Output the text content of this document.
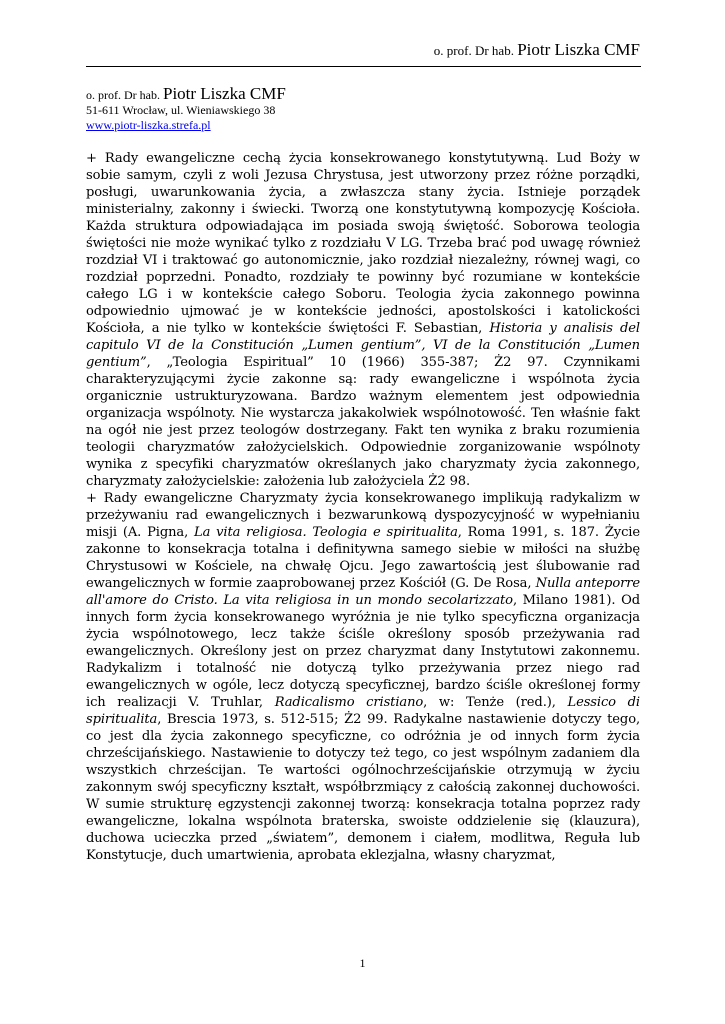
o. prof. Dr hab. Piotr Liszka CMF
o. prof. Dr hab. Piotr Liszka CMF
51-611 Wrocław, ul. Wieniawskiego 38
www.piotr-liszka.strefa.pl

+ Rady ewangeliczne cechą życia konsekrowanego konstytutywną. Lud Boży w sobie samym, czyli z woli Jezusa Chrystusa, jest utworzony przez różne porządki, posługi, uwarunkowania życia, a zwłaszcza stany życia. Istnieje porządek ministerialny, zakonny i świecki. Tworzą one konstytutywną kompozycję Kościoła. Każda struktura odpowiadająca im posiada swoją świętość. Soborowa teologia świętości nie może wynikać tylko z rozdziału V LG. Trzeba brać pod uwagę również rozdział VI i traktować go autonomicznie, jako rozdział niezależny, równej wagi, co rozdział poprzedni. Ponadto, rozdziały te powinny być rozumiane w kontekście całego LG i w kontekście całego Soboru. Teologia życia zakonnego powinna odpowiednio ujmować je w kontekście jedności, apostolskości i katolickości Kościoła, a nie tylko w kontekście świętości F. Sebastian, Historia y analisis del capitulo VI de la Constitución „Lumen gentium”, VI de la Constitución „Lumen gentium”, „Teologia Espiritual” 10 (1966) 355-387; Ż2 97. Czynnikami charakteryzującymi życie zakonne są: rady ewangeliczne i wspólnota życia organicznie ustrukturyzowana. Bardzo ważnym elementem jest odpowiednia organizacja wspólnoty. Nie wystarcza jakakolwiek wspólnotowość. Ten właśnie fakt na ogół nie jest przez teologów dostrzegany. Fakt ten wynika z braku rozumienia teologii charyzmatów założycielskich. Odpowiednie zorganizowanie wspólnoty wynika z specyfiki charyzmatów określanych jako charyzmaty życia zakonnego, charyzmaty założycielskie: założenia lub założyciela Ż2 98.

+ Rady ewangeliczne Charyzmaty życia konsekrowanego implikują radykalizm w przeżywaniu rad ewangelicznych i bezwarunkową dyspozycyjność w wypełnianiu misji (A. Pigna, La vita religiosa. Teologia e spiritualita, Roma 1991, s. 187. Życie zakonne to konsekracja totalna i definitywna samego siebie w miłości na służbę Chrystusowi w Kościele, na chwałę Ojcu. Jego zawartością jest ślubowanie rad ewangelicznych w formie zaaprobowanej przez Kościół (G. De Rosa, Nulla anteporre all'amore do Cristo. La vita religiosa in un mondo secolarizzato, Milano 1981). Od innych form życia konsekrowanego wyróżnia je nie tylko specyficzna organizacja życia wspólnotowego, lecz także ściśle określony sposób przeżywania rad ewangelicznych. Określony jest on przez charyzmat dany Instytutowi zakonnemu. Radykalizm i totalność nie dotyczą tylko przeżywania przez niego rad ewangelicznych w ogóle, lecz dotyczą specyficznej, bardzo ściśle określonej formy ich realizacji V. Truhlar, Radicalismo cristiano, w: Tenże (red.), Lessico di spiritualita, Brescia 1973, s. 512-515; Ż2 99. Radykalne nastawienie dotyczy tego, co jest dla życia zakonnego specyficzne, co odróżnia je od innych form życia chrześcijańskiego. Nastawienie to dotyczy też tego, co jest wspólnym zadaniem dla wszystkich chrześcijan. Te wartości ogólnochrześcijańskie otrzymują w życiu zakonnym swój specyficzny kształt, współbrzmiący z całością zakonnej duchowości. W sumie strukturę egzystencji zakonnej tworzą: konsekracja totalna poprzez rady ewangeliczne, lokalna wspólnota braterska, swoiste oddzielenie się (klauzura), duchowa ucieczka przed „światem”, demonem i ciałem, modlitwa, Reguła lub Konstytucje, duch umartwienia, aprobata eklezjalna, własny charyzmat,

1
